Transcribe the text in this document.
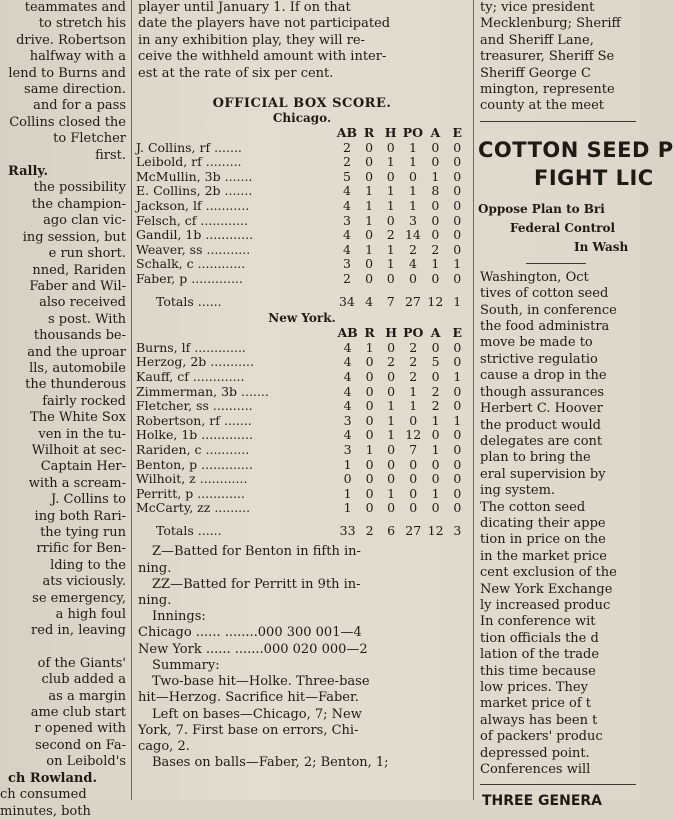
teammates and
to stretch his
drive. Robertson
halfway with a
lend to Burns and
same direction.
and for a pass
Collins closed the
to Fletcher
first.
Rally.
the possibility
the champion-
ago clan vic-
ing session, but
e run short.
nned, Rariden
Faber and Wil-
also received
s post. With
thousands be-
and the uproar
lls, automobile
the thunderous
fairly rocked
The White Sox
ven in the tu-
Wilhoit at sec-
Captain Her-
with a scream-
J. Collins to
ing both Rari-
the tying run
rrific for Ben-
lding to the
ats viciously.
se emergency,
a high foul
red in, leaving
of the Giants'
club added a
as a margin
ame club start
r opened with
second on Fa-
on Leibold's
ch Rowland.
ch consumed
minutes, both
player until January 1. If on that
date the players have not participated
in any exhibition play, they will re-
ceive the withheld amount with inter-
est at the rate of six per cent.
OFFICIAL BOX SCORE.
Chicago.
	AB	R	H	PO	A	E
J. Collins, rf .......	2	0	0	1	0	0
Leibold, rf .........	2	0	1	1	0	0
McMullin, 3b .......	5	0	0	0	1	0
E. Collins, 2b .......	4	1	1	1	8	0
Jackson, lf ...........	4	1	1	1	0	0
Felsch, cf ............	3	1	0	3	0	0
Gandil, 1b ............	4	0	2	14	0	0
Weaver, ss ...........	4	1	1	2	2	0
Schalk, c ............	3	0	1	4	1	1
Faber, p .............	2	0	0	0	0	0
Totals ......	34	4	7	27	12	1
New York.
	AB	R	H	PO	A	E
Burns, lf .............	4	1	0	2	0	0
Herzog, 2b ...........	4	0	2	2	5	0
Kauff, cf .............	4	0	0	2	0	1
Zimmerman, 3b .......	4	0	0	1	2	0
Fletcher, ss ..........	4	0	1	1	2	0
Robertson, rf .......	3	0	1	0	1	1
Holke, 1b .............	4	0	1	12	0	0
Rariden, c ...........	3	1	0	7	1	0
Benton, p .............	1	0	0	0	0	0
Wilhoit, z ............	0	0	0	0	0	0
Perritt, p ............	1	0	1	0	1	0
McCarty, zz .........	1	0	0	0	0	0
Totals ......	33	2	6	27	12	3
Z—Batted for Benton in fifth in-
ning.
ZZ—Batted for Perritt in 9th in-
ning.
Innings:
Chicago ...... ........000 300 001—4
New York ...... .......000 020 000—2
Summary:
Two-base hit—Holke. Three-base
hit—Herzog. Sacrifice hit—Faber.
Left on bases—Chicago, 7; New
York, 7. First base on errors, Chi-
cago, 2.
Bases on balls—Faber, 2; Benton, 1;
ty; vice president
Mecklenburg; Sheriff
and Sheriff Lane,
treasurer, Sheriff Se
Sheriff George C
mington, represente
county at the meet
COTTON SEED P
FIGHT LIC
Oppose Plan to Bri
Federal Control
In Wash
Washington, Oct
tives of cotton seed
South, in conference
the food administra
move be made to
strictive regulatio
cause a drop in the
though assurances
Herbert C. Hoover
the product would
delegates are cont
plan to bring the
eral supervision by
ing system.
The cotton seed
dicating their appe
tion in price on the
in the market price
cent exclusion of the
New York Exchange
ly increased produc
In conference wit
tion officials the d
lation of the trade
this time because
low prices. They
market price of t
always has been t
of packers' produc
depressed point.
Conferences will
THREE GENERA
